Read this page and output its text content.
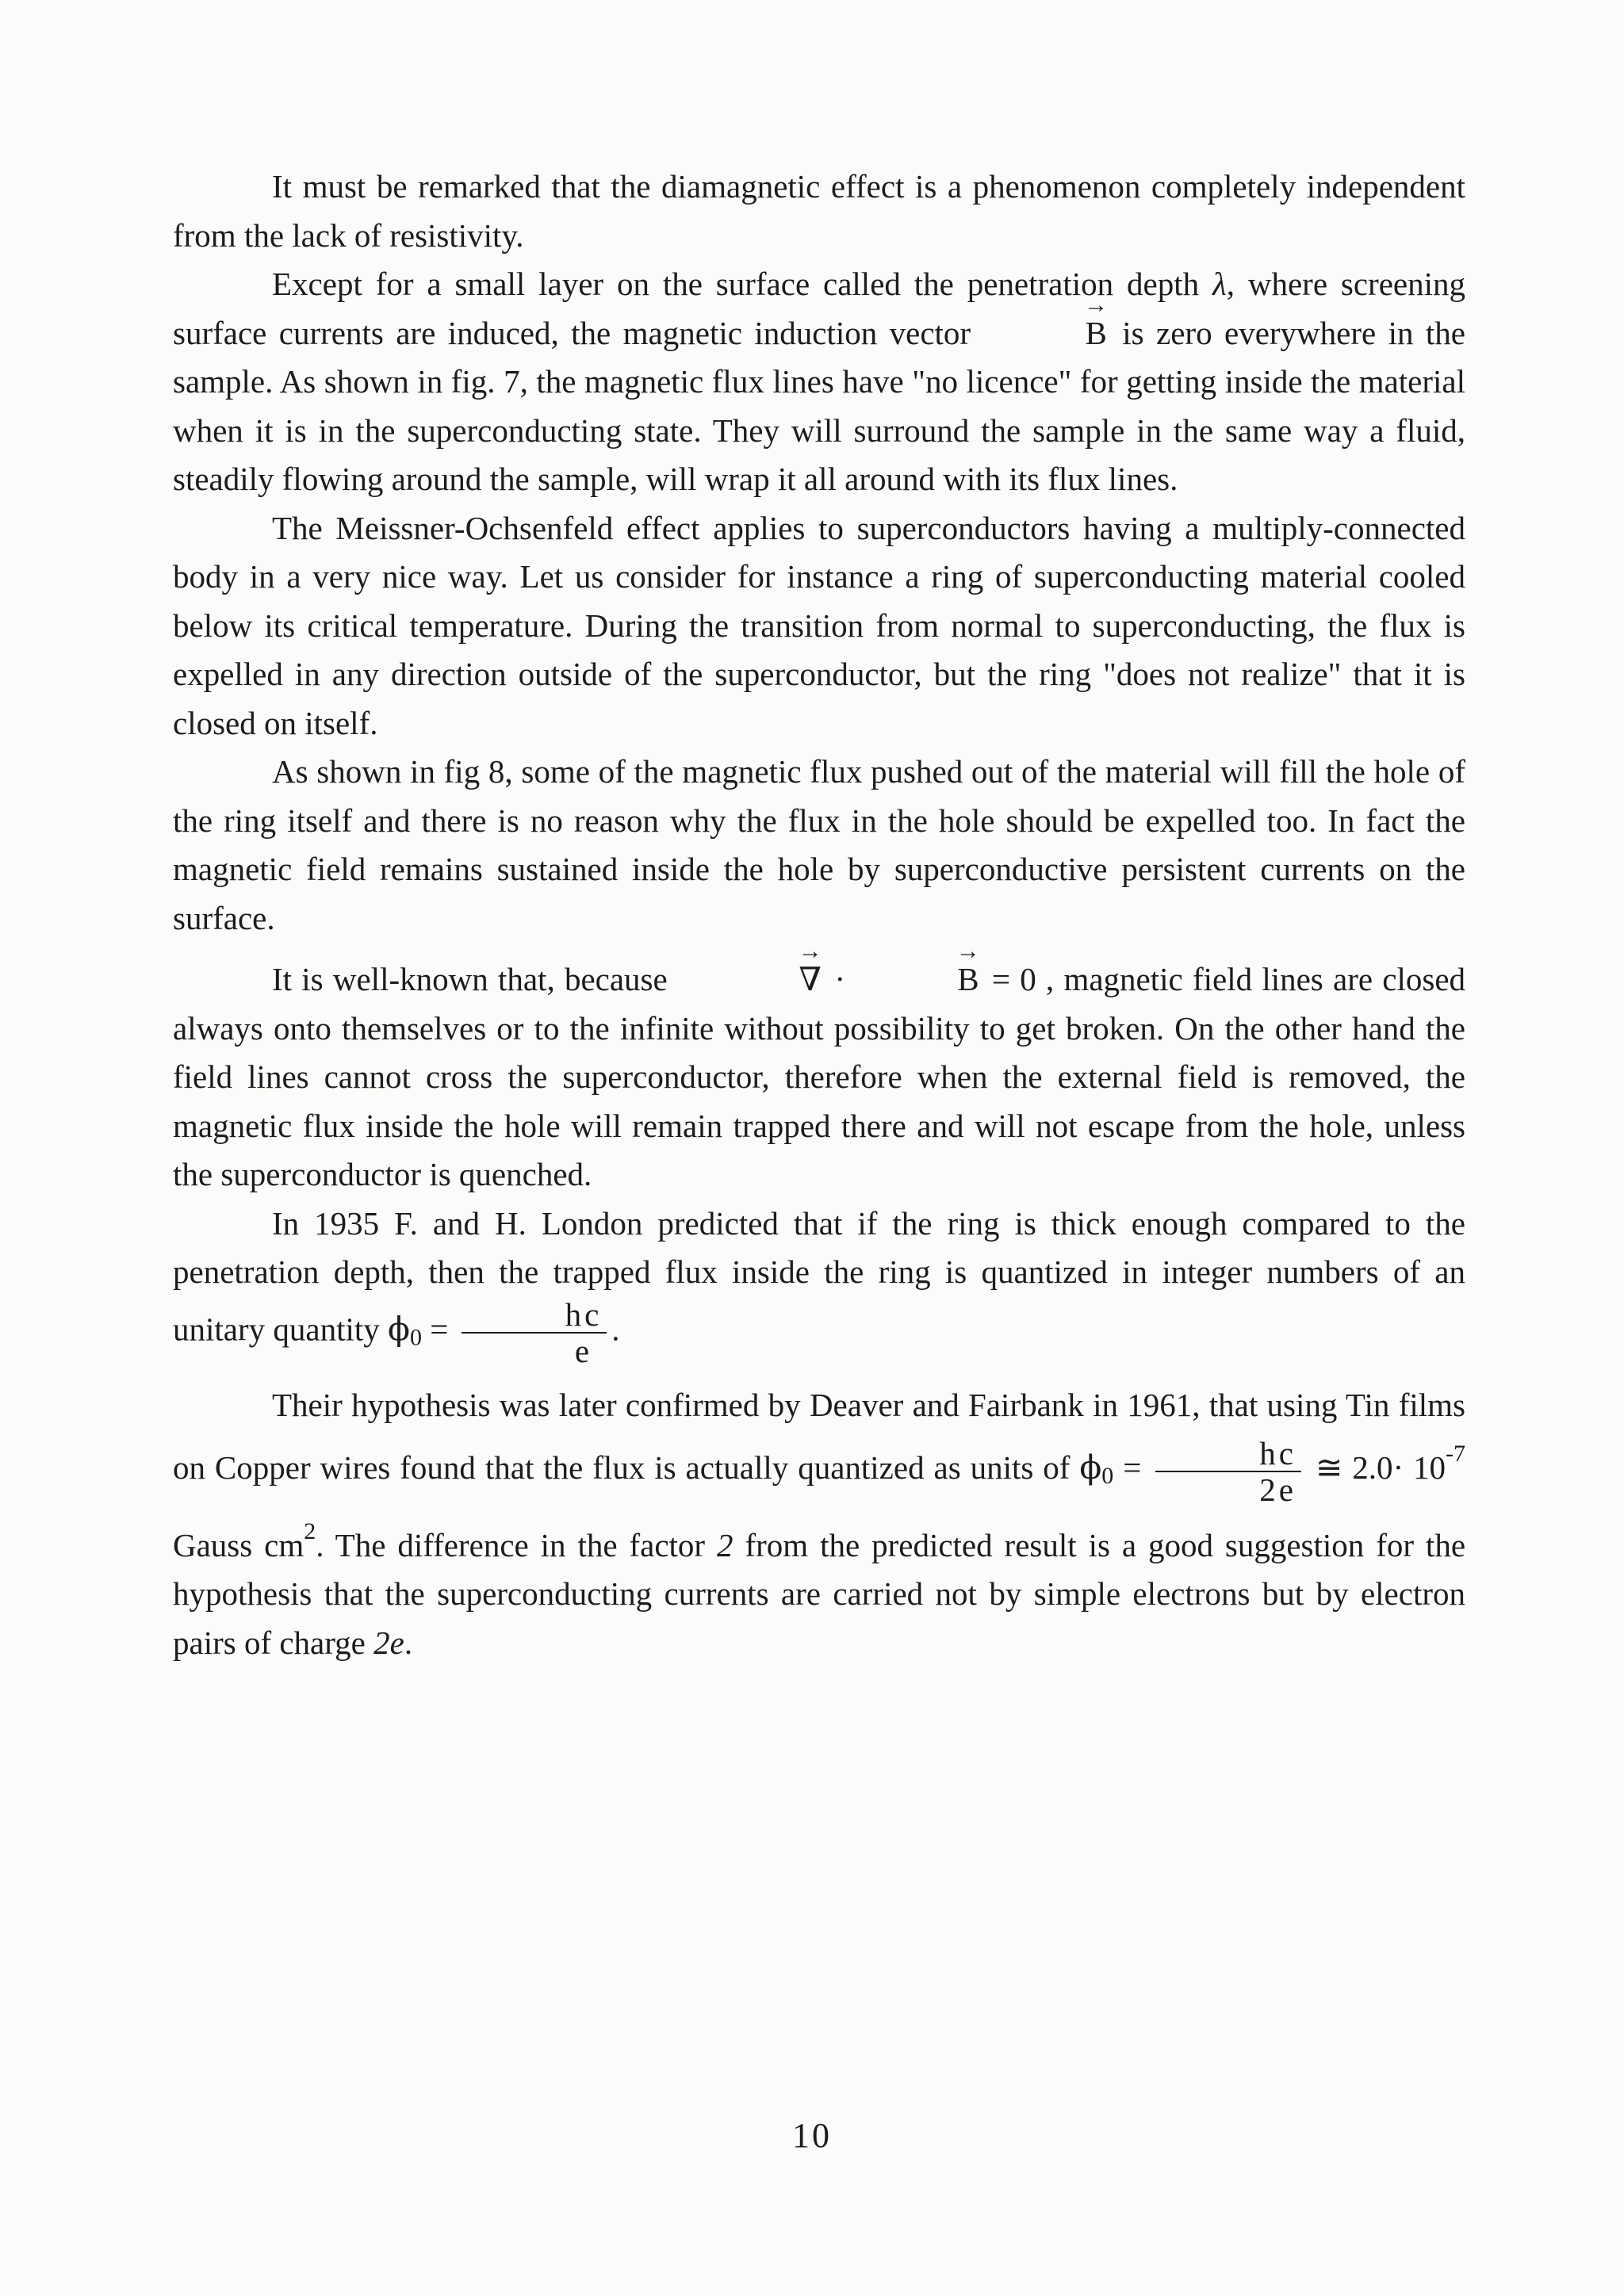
It must be remarked that the diamagnetic effect is a phenomenon completely independent from the lack of resistivity.

Except for a small layer on the surface called the penetration depth λ, where screening surface currents are induced, the magnetic induction vector	→ B is zero everywhere in the sample. As shown in fig. 7, the magnetic flux lines have "no licence" for getting inside the material when it is in the superconducting state. They will surround the sample in the same way a fluid, steadily flowing around the sample, will wrap it all around with its flux lines.

The Meissner-Ochsenfeld effect applies to superconductors having a multiply-connected body in a very nice way. Let us consider for instance a ring of superconducting material cooled below its critical temperature. During the transition from normal to superconducting, the flux is expelled in any direction outside of the superconductor, but the ring "does not realize" that it is closed on itself.

As shown in fig 8, some of the magnetic flux pushed out of the material will fill the hole of the ring itself and there is no reason why the flux in the hole should be expelled too. In fact the magnetic field remains sustained inside the hole by superconductive persistent currents on the surface.

It is well-known that, because	→ ∇ ·	→ B = 0 , magnetic field lines are closed always onto themselves or to the infinite without possibility to get broken. On the other hand the field lines cannot cross the superconductor, therefore when the external field is removed, the magnetic flux inside the hole will remain trapped there and will not escape from the hole, unless the superconductor is quenched.

In 1935 F. and H. London predicted that if the ring is thick enough compared to the penetration depth, then the trapped flux inside the ring is quantized in integer numbers of an unitary quantity $\phi_0 = \frac{hc}{e}$ .

Their hypothesis was later confirmed by Deaver and Fairbank in 1961, that using Tin films on Copper wires found that the flux is actually quantized as units of $\phi_0 = \frac{hc}{2e}$ ≅ $2.0\cdot 10^{-7}$ Gauss $cm^2$. The difference in the factor 2 from the predicted result is a good suggestion for the hypothesis that the superconducting currents are carried not by simple electrons but by electron pairs of charge 2e.

10
